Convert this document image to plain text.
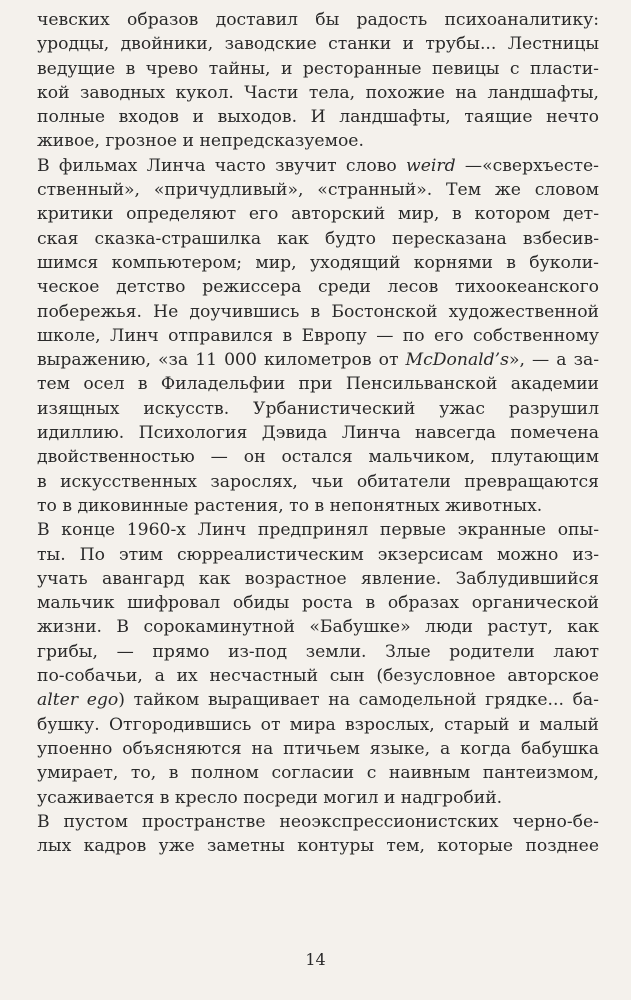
чевских образов доставил бы радость психоаналитику:
уродцы, двойники, заводские станки и трубы... Лестницы
ведущие в чрево тайны, и ресторанные певицы с пласти-
кой заводных кукол. Части тела, похожие на ландшафты,
полные входов и выходов. И ландшафты, таящие нечто
живое, грозное и непредсказуемое.
В фильмах Линча часто звучит слово weird —«сверхъесте-
ственный», «причудливый», «странный». Тем же словом
критики определяют его авторский мир, в котором дет-
ская сказка-страшилка как будто пересказана взбесив-
шимся компьютером; мир, уходящий корнями в буколи-
ческое детство режиссера среди лесов тихоокеанского
побережья. Не доучившись в Бостонской художественной
школе, Линч отправился в Европу — по его собственному
выражению, «за 11 000 километров от McDonald’s», — а за-
тем осел в Филадельфии при Пенсильванской академии
изящных искусств. Урбанистический ужас разрушил
идиллию. Психология Дэвида Линча навсегда помечена
двойственностью — он остался мальчиком, плутающим
в искусственных зарослях, чьи обитатели превращаются
то в диковинные растения, то в непонятных животных.
В конце 1960-х Линч предпринял первые экранные опы-
ты. По этим сюрреалистическим экзерсисам можно из-
учать авангард как возрастное явление. Заблудившийся
мальчик шифровал обиды роста в образах органической
жизни. В сорокаминутной «Бабушке» люди растут, как
грибы, — прямо из-под земли. Злые родители лают
по-собачьи, а их несчастный сын (безусловное авторское
alter ego) тайком выращивает на самодельной грядке... ба-
бушку. Отгородившись от мира взрослых, старый и малый
упоенно объясняются на птичьем языке, а когда бабушка
умирает, то, в полном согласии с наивным пантеизмом,
усаживается в кресло посреди могил и надгробий.
В пустом пространстве неоэкспрессионистских черно-бе-
лых кадров уже заметны контуры тем, которые позднее
14
